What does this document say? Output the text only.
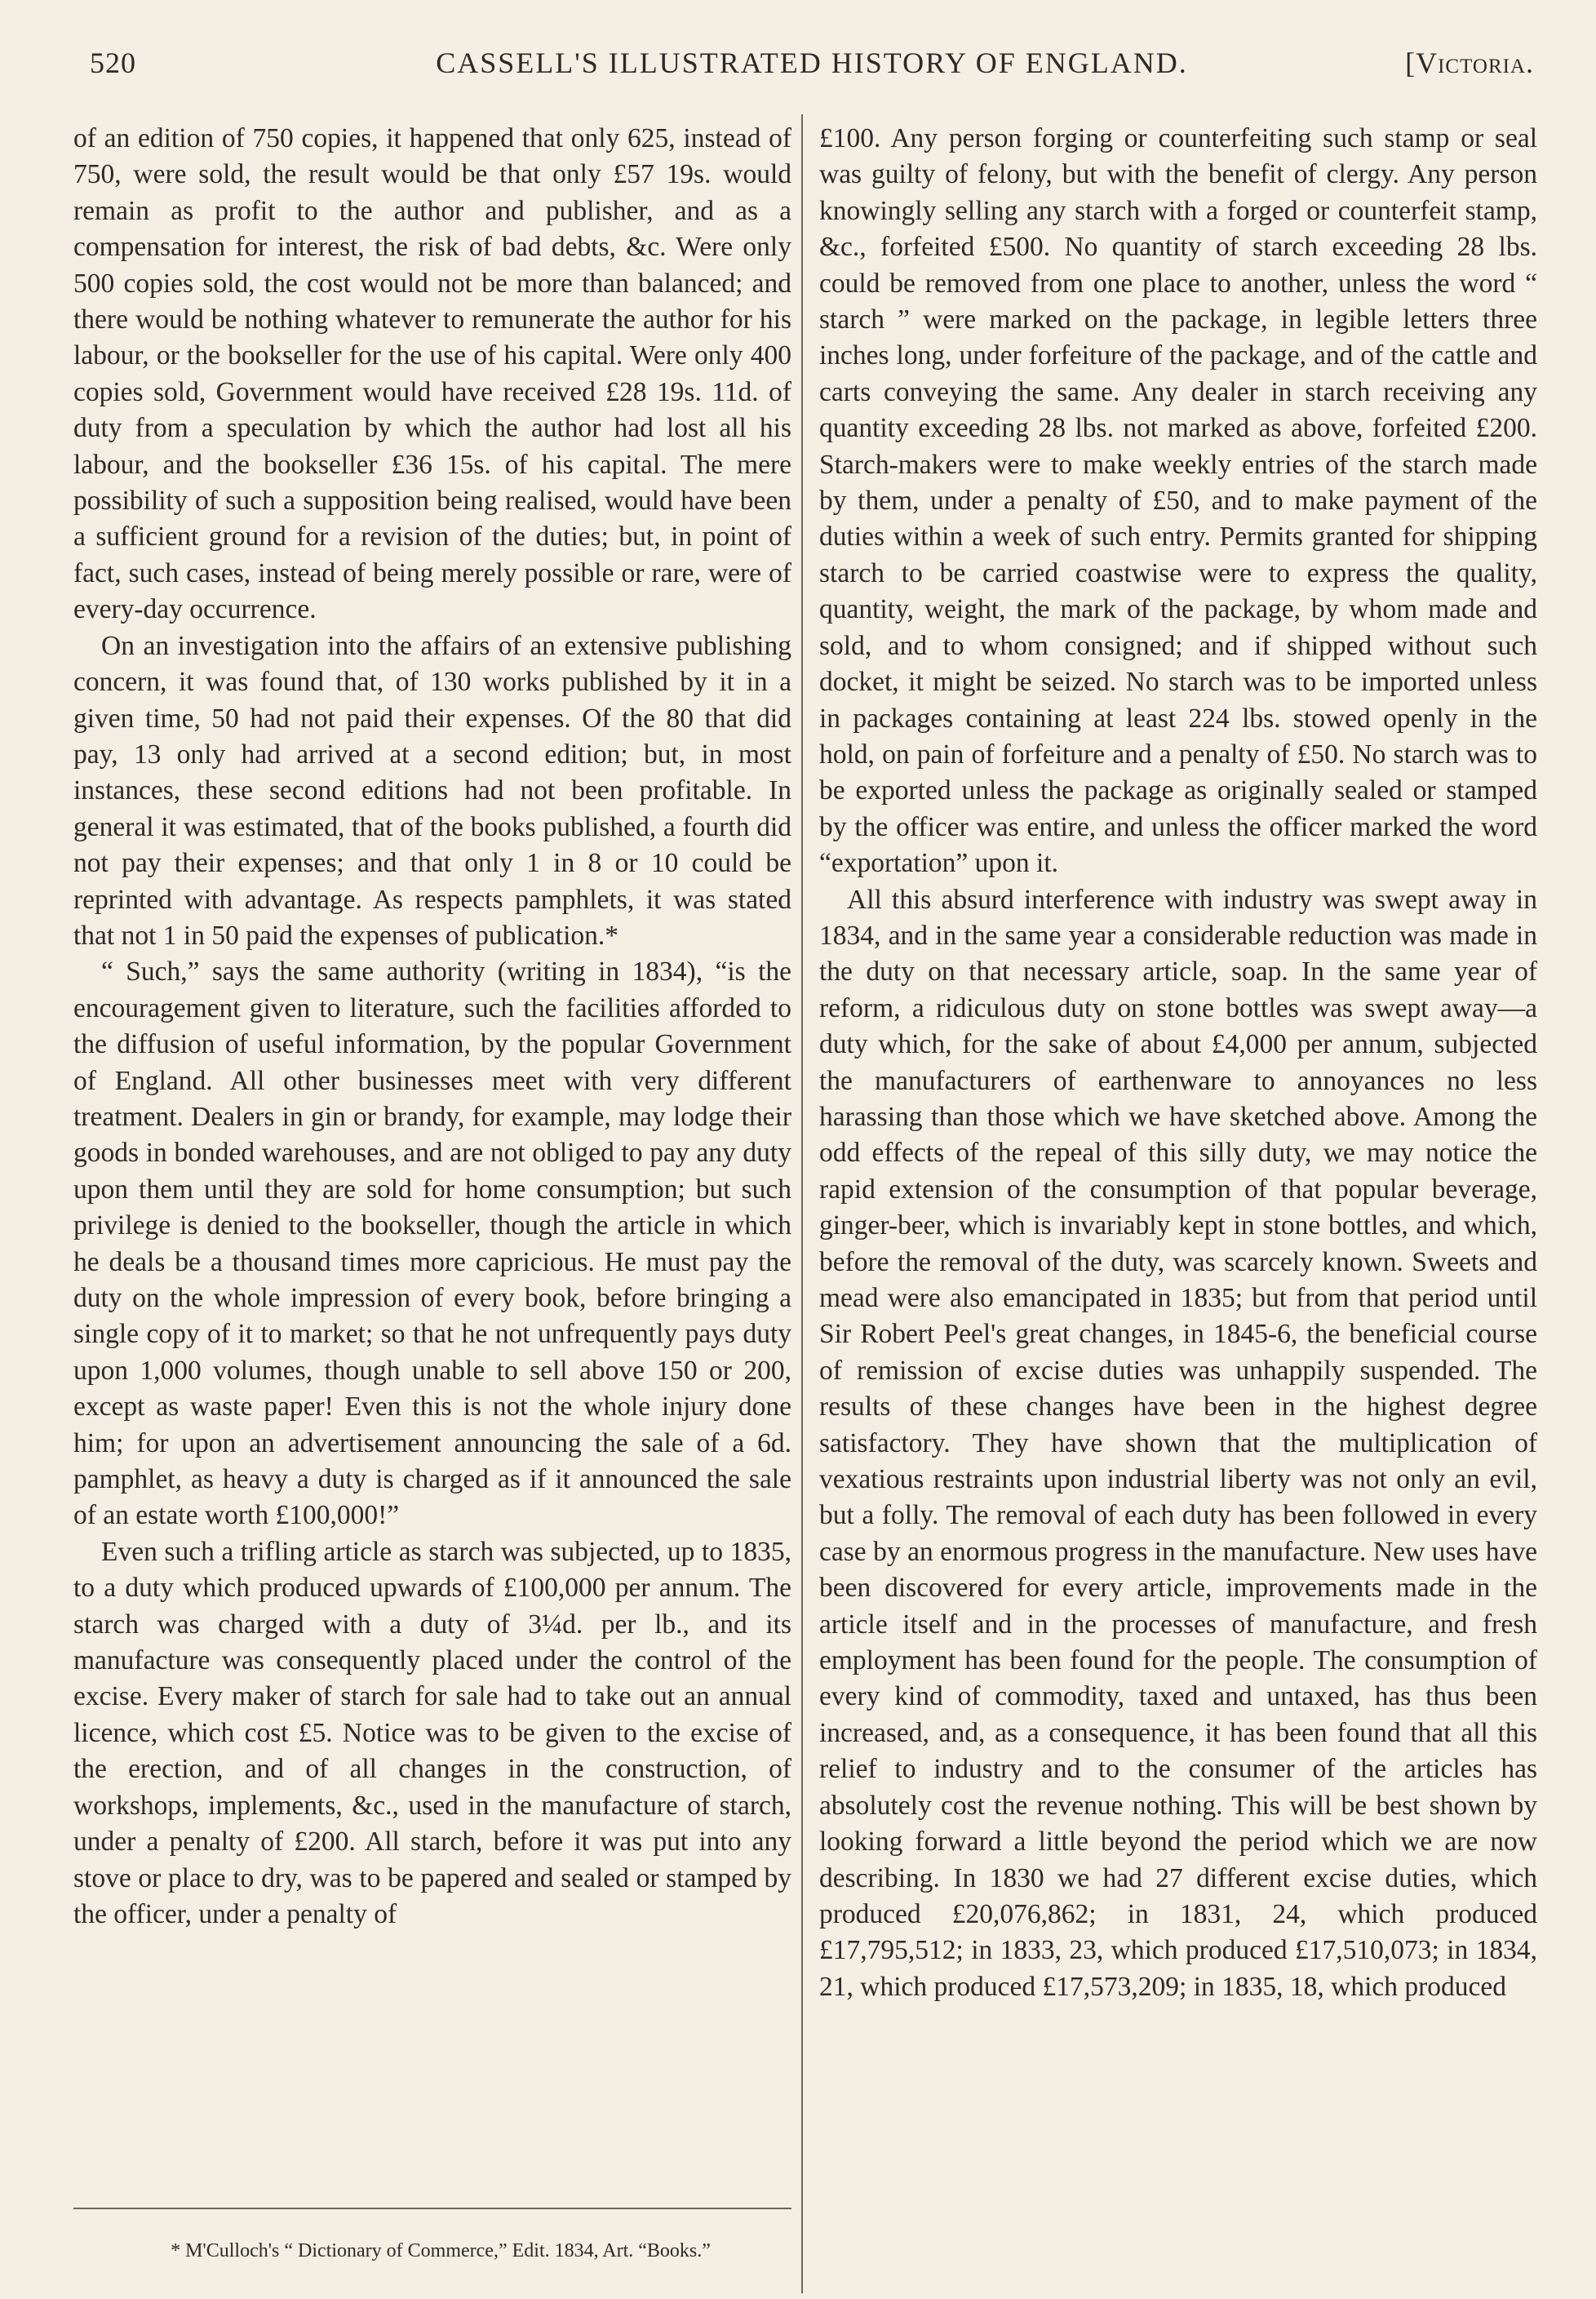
520	CASSELL'S ILLUSTRATED HISTORY OF ENGLAND.	[Victoria.

of an edition of 750 copies, it happened that only 625, instead of 750, were sold, the result would be that only £57 19s. would remain as profit to the author and publisher, and as a compensation for interest, the risk of bad debts, &c. Were only 500 copies sold, the cost would not be more than balanced; and there would be nothing whatever to remunerate the author for his labour, or the bookseller for the use of his capital. Were only 400 copies sold, Government would have received £28 19s. 11d. of duty from a speculation by which the author had lost all his labour, and the bookseller £36 15s. of his capital. The mere possibility of such a supposition being realised, would have been a sufficient ground for a revision of the duties; but, in point of fact, such cases, instead of being merely possible or rare, were of every-day occurrence.

On an investigation into the affairs of an extensive publishing concern, it was found that, of 130 works published by it in a given time, 50 had not paid their expenses. Of the 80 that did pay, 13 only had arrived at a second edition; but, in most instances, these second editions had not been profitable. In general it was estimated, that of the books published, a fourth did not pay their expenses; and that only 1 in 8 or 10 could be reprinted with advantage. As respects pamphlets, it was stated that not 1 in 50 paid the expenses of publication.*

“ Such,” says the same authority (writing in 1834), “is the encouragement given to literature, such the facilities afforded to the diffusion of useful information, by the popular Government of England. All other businesses meet with very different treatment. Dealers in gin or brandy, for example, may lodge their goods in bonded warehouses, and are not obliged to pay any duty upon them until they are sold for home consumption; but such privilege is denied to the bookseller, though the article in which he deals be a thousand times more capricious. He must pay the duty on the whole impression of every book, before bringing a single copy of it to market; so that he not unfrequently pays duty upon 1,000 volumes, though unable to sell above 150 or 200, except as waste paper! Even this is not the whole injury done him; for upon an advertisement announcing the sale of a 6d. pamphlet, as heavy a duty is charged as if it announced the sale of an estate worth £100,000!”

Even such a trifling article as starch was subjected, up to 1835, to a duty which produced upwards of £100,000 per annum. The starch was charged with a duty of 3¼d. per lb., and its manufacture was consequently placed under the control of the excise. Every maker of starch for sale had to take out an annual licence, which cost £5. Notice was to be given to the excise of the erection, and of all changes in the construction, of workshops, implements, &c., used in the manufacture of starch, under a penalty of £200. All starch, before it was put into any stove or place to dry, was to be papered and sealed or stamped by the officer, under a penalty of

£100. Any person forging or counterfeiting such stamp or seal was guilty of felony, but with the benefit of clergy. Any person knowingly selling any starch with a forged or counterfeit stamp, &c., forfeited £500. No quantity of starch exceeding 28 lbs. could be removed from one place to another, unless the word “ starch ” were marked on the package, in legible letters three inches long, under forfeiture of the package, and of the cattle and carts conveying the same. Any dealer in starch receiving any quantity exceeding 28 lbs. not marked as above, forfeited £200. Starch-makers were to make weekly entries of the starch made by them, under a penalty of £50, and to make payment of the duties within a week of such entry. Permits granted for shipping starch to be carried coastwise were to express the quality, quantity, weight, the mark of the package, by whom made and sold, and to whom consigned; and if shipped without such docket, it might be seized. No starch was to be imported unless in packages containing at least 224 lbs. stowed openly in the hold, on pain of forfeiture and a penalty of £50. No starch was to be exported unless the package as originally sealed or stamped by the officer was entire, and unless the officer marked the word “exportation” upon it.

All this absurd interference with industry was swept away in 1834, and in the same year a considerable reduction was made in the duty on that necessary article, soap. In the same year of reform, a ridiculous duty on stone bottles was swept away—a duty which, for the sake of about £4,000 per annum, subjected the manufacturers of earthenware to annoyances no less harassing than those which we have sketched above. Among the odd effects of the repeal of this silly duty, we may notice the rapid extension of the consumption of that popular beverage, ginger-beer, which is invariably kept in stone bottles, and which, before the removal of the duty, was scarcely known. Sweets and mead were also emancipated in 1835; but from that period until Sir Robert Peel's great changes, in 1845-6, the beneficial course of remission of excise duties was unhappily suspended. The results of these changes have been in the highest degree satisfactory. They have shown that the multiplication of vexatious restraints upon industrial liberty was not only an evil, but a folly. The removal of each duty has been followed in every case by an enormous progress in the manufacture. New uses have been discovered for every article, improvements made in the article itself and in the processes of manufacture, and fresh employment has been found for the people. The consumption of every kind of commodity, taxed and untaxed, has thus been increased, and, as a consequence, it has been found that all this relief to industry and to the consumer of the articles has absolutely cost the revenue nothing. This will be best shown by looking forward a little beyond the period which we are now describing. In 1830 we had 27 different excise duties, which produced £20,076,862; in 1831, 24, which produced £17,795,512; in 1833, 23, which produced £17,510,073; in 1834, 21, which produced £17,573,209; in 1835, 18, which produced

* M'Culloch's “ Dictionary of Commerce,” Edit. 1834, Art. “Books.”
